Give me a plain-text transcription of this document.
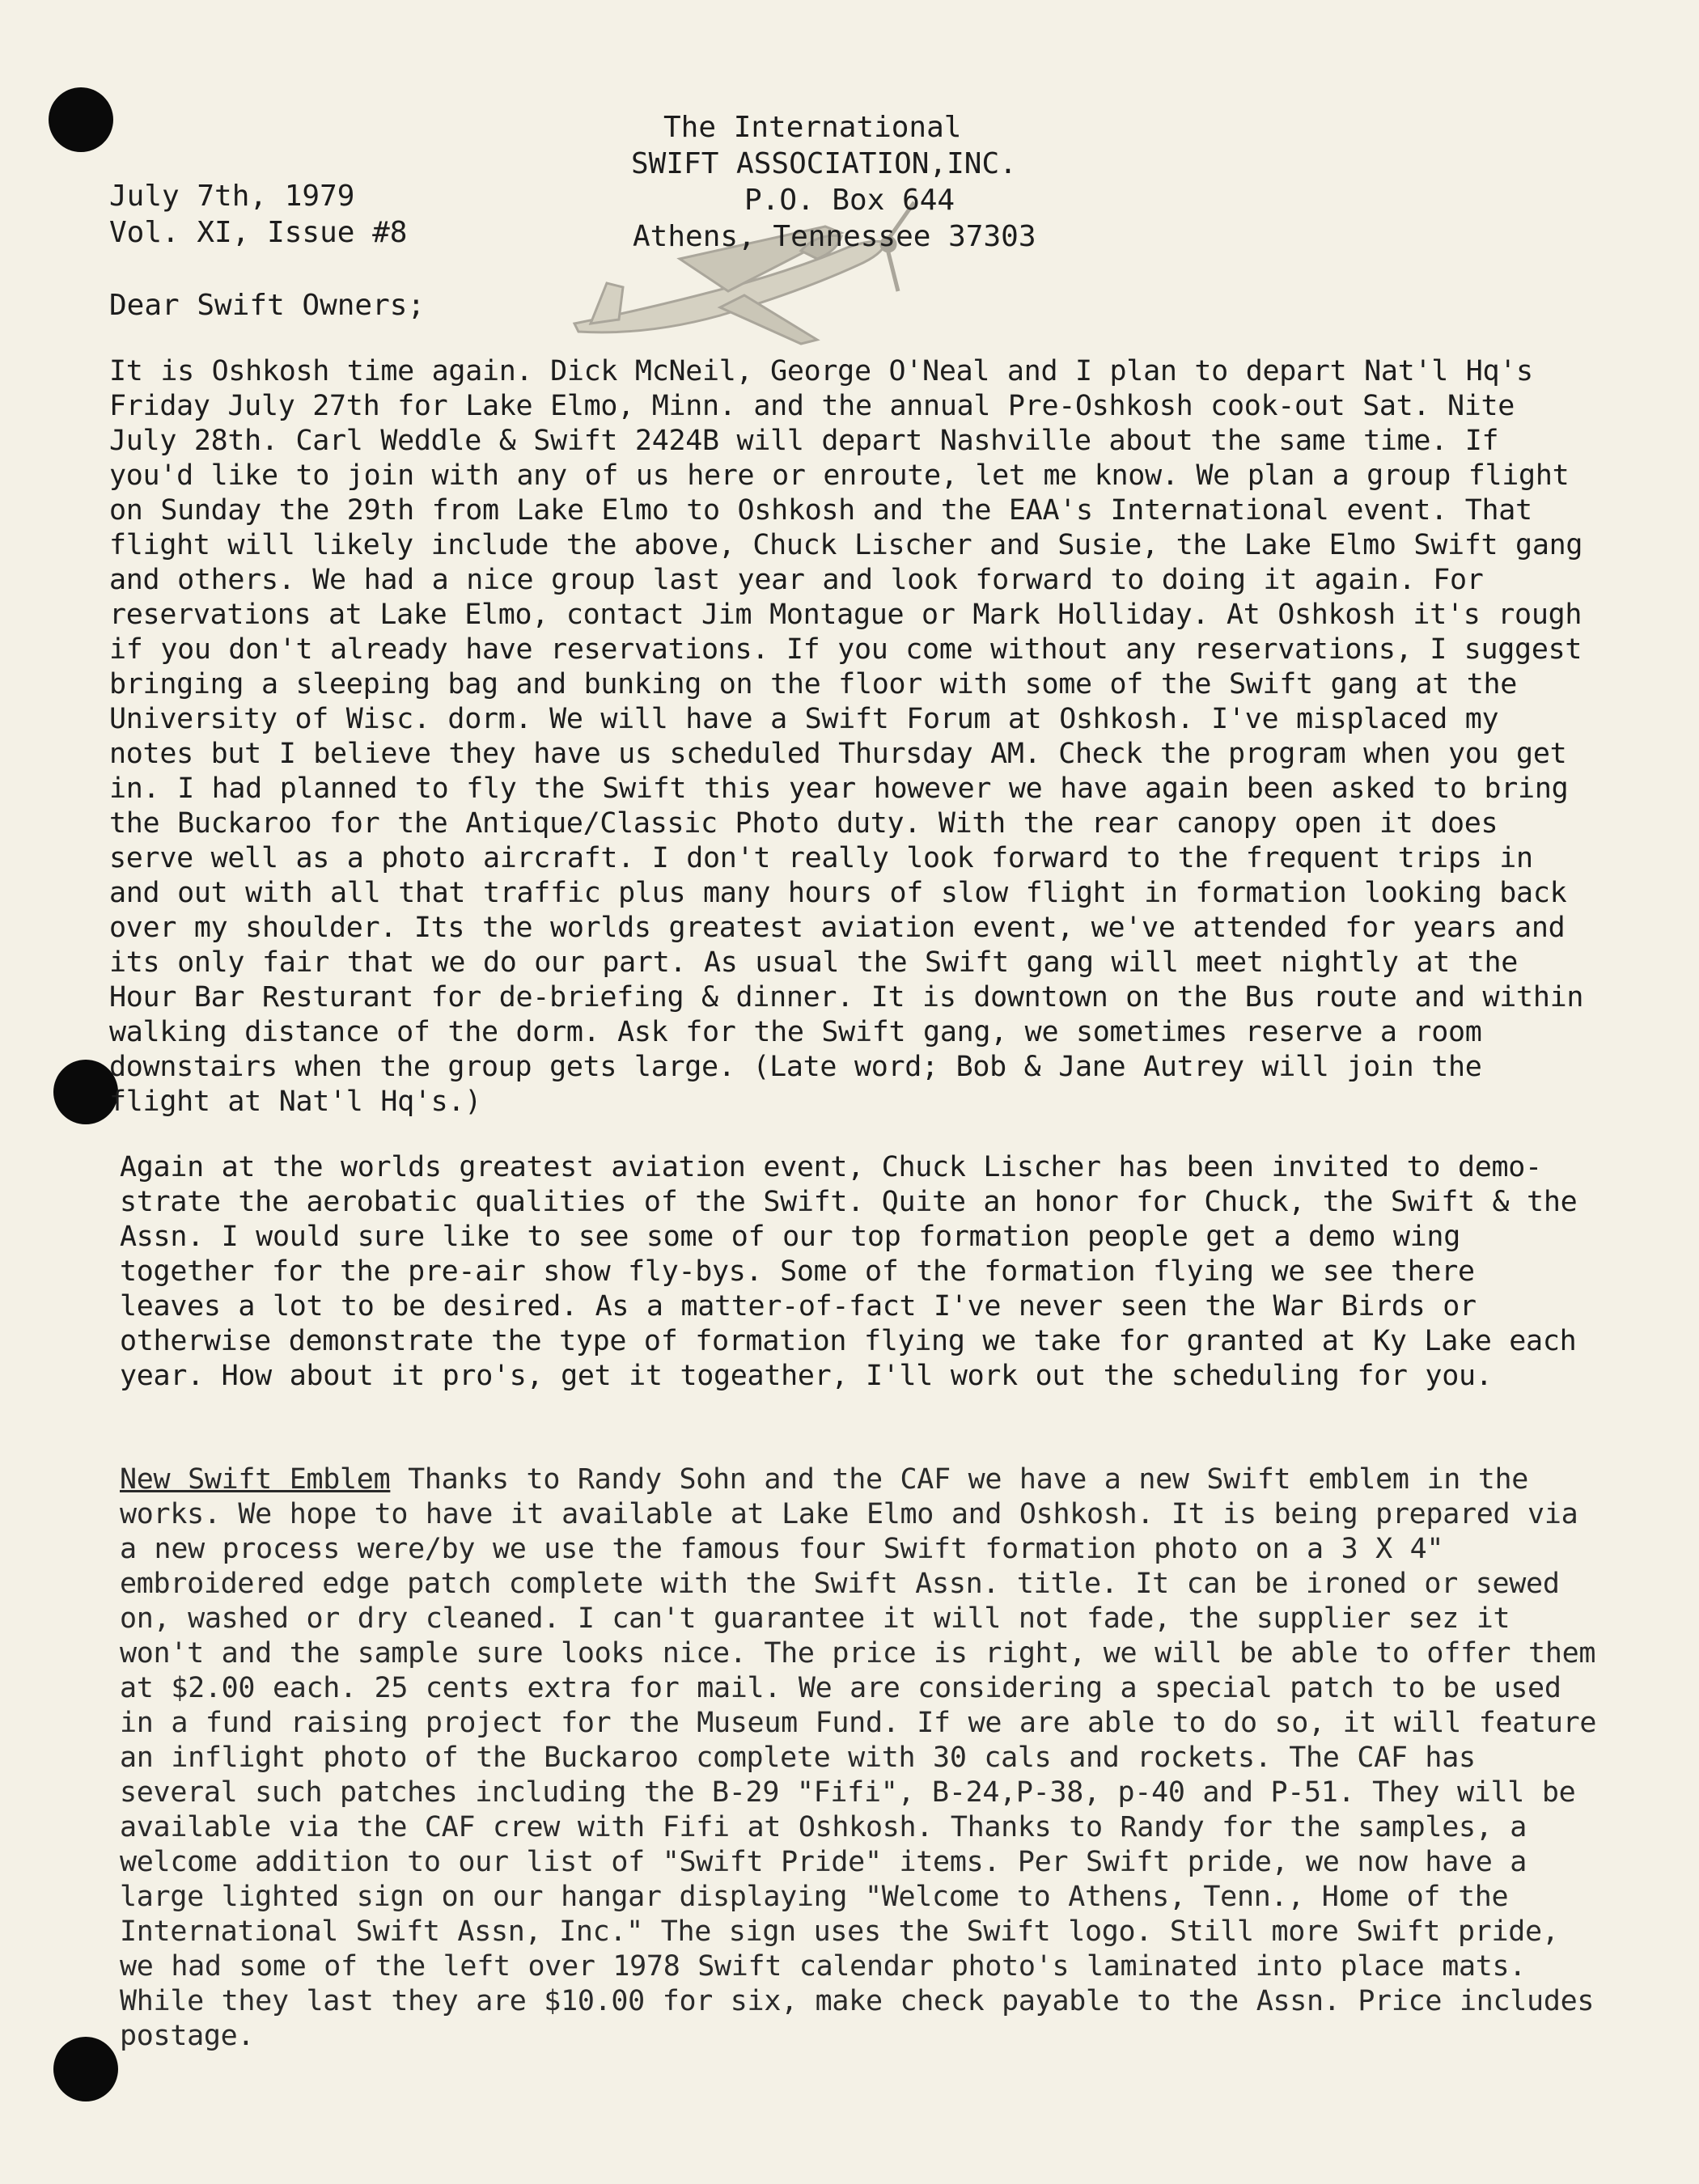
The International
SWIFT ASSOCIATION,INC.
P.O. Box 644
Athens, Tennessee 37303
July 7th, 1979
Vol. XI, Issue #8
Dear Swift Owners;
It is Oshkosh time again. Dick McNeil, George O'Neal and I plan to depart Nat'l Hq's Friday July 27th for Lake Elmo, Minn. and the annual Pre-Oshkosh cook-out Sat. Nite July 28th. Carl Weddle & Swift 2424B will depart Nashville about the same time. If you'd like to join with any of us here or enroute, let me know. We plan a group flight on Sunday the 29th from Lake Elmo to Oshkosh and the EAA's International event. That flight will likely include the above, Chuck Lischer and Susie, the Lake Elmo Swift gang and others. We had a nice group last year and look forward to doing it again. For reservations at Lake Elmo, contact Jim Montague or Mark Holliday. At Oshkosh it's rough if you don't already have reservations. If you come without any reservations, I suggest bringing a sleeping bag and bunking on the floor with some of the Swift gang at the University of Wisc. dorm. We will have a Swift Forum at Oshkosh. I've misplaced my notes but I believe they have us scheduled Thursday AM. Check the program when you get in. I had planned to fly the Swift this year however we have again been asked to bring the Buckaroo for the Antique/Classic Photo duty. With the rear canopy open it does serve well as a photo aircraft. I don't really look forward to the frequent trips in and out with all that traffic plus many hours of slow flight in formation looking back over my shoulder. Its the worlds greatest aviation event, we've attended for years and its only fair that we do our part. As usual the Swift gang will meet nightly at the Hour Bar Resturant for de-briefing & dinner. It is downtown on the Bus route and within walking distance of the dorm. Ask for the Swift gang, we sometimes reserve a room downstairs when the group gets large. (Late word; Bob & Jane Autrey will join the flight at Nat'l Hq's.)
Again at the worlds greatest aviation event, Chuck Lischer has been invited to demo-strate the aerobatic qualities of the Swift. Quite an honor for Chuck, the Swift & the Assn. I would sure like to see some of our top formation people get a demo wing together for the pre-air show fly-bys. Some of the formation flying we see there leaves a lot to be desired. As a matter-of-fact I've never seen the War Birds or otherwise demonstrate the type of formation flying we take for granted at Ky Lake each year. How about it pro's, get it togeather, I'll work out the scheduling for you.
New Swift Emblem Thanks to Randy Sohn and the CAF we have a new Swift emblem in the works. We hope to have it available at Lake Elmo and Oshkosh. It is being prepared via a new process were/by we use the famous four Swift formation photo on a 3 X 4" embroidered edge patch complete with the Swift Assn. title. It can be ironed or sewed on, washed or dry cleaned. I can't guarantee it will not fade, the supplier sez it won't and the sample sure looks nice. The price is right, we will be able to offer them at $2.00 each. 25 cents extra for mail. We are considering a special patch to be used in a fund raising project for the Museum Fund. If we are able to do so, it will feature an inflight photo of the Buckaroo complete with 30 cals and rockets. The CAF has several such patches including the B-29 "Fifi", B-24,P-38, p-40 and P-51. They will be available via the CAF crew with Fifi at Oshkosh. Thanks to Randy for the samples, a welcome addition to our list of "Swift Pride" items. Per Swift pride, we now have a large lighted sign on our hangar displaying "Welcome to Athens, Tenn., Home of the International Swift Assn, Inc." The sign uses the Swift logo. Still more Swift pride, we had some of the left over 1978 Swift calendar photo's laminated into place mats. While they last they are $10.00 for six, make check payable to the Assn. Price includes postage.
